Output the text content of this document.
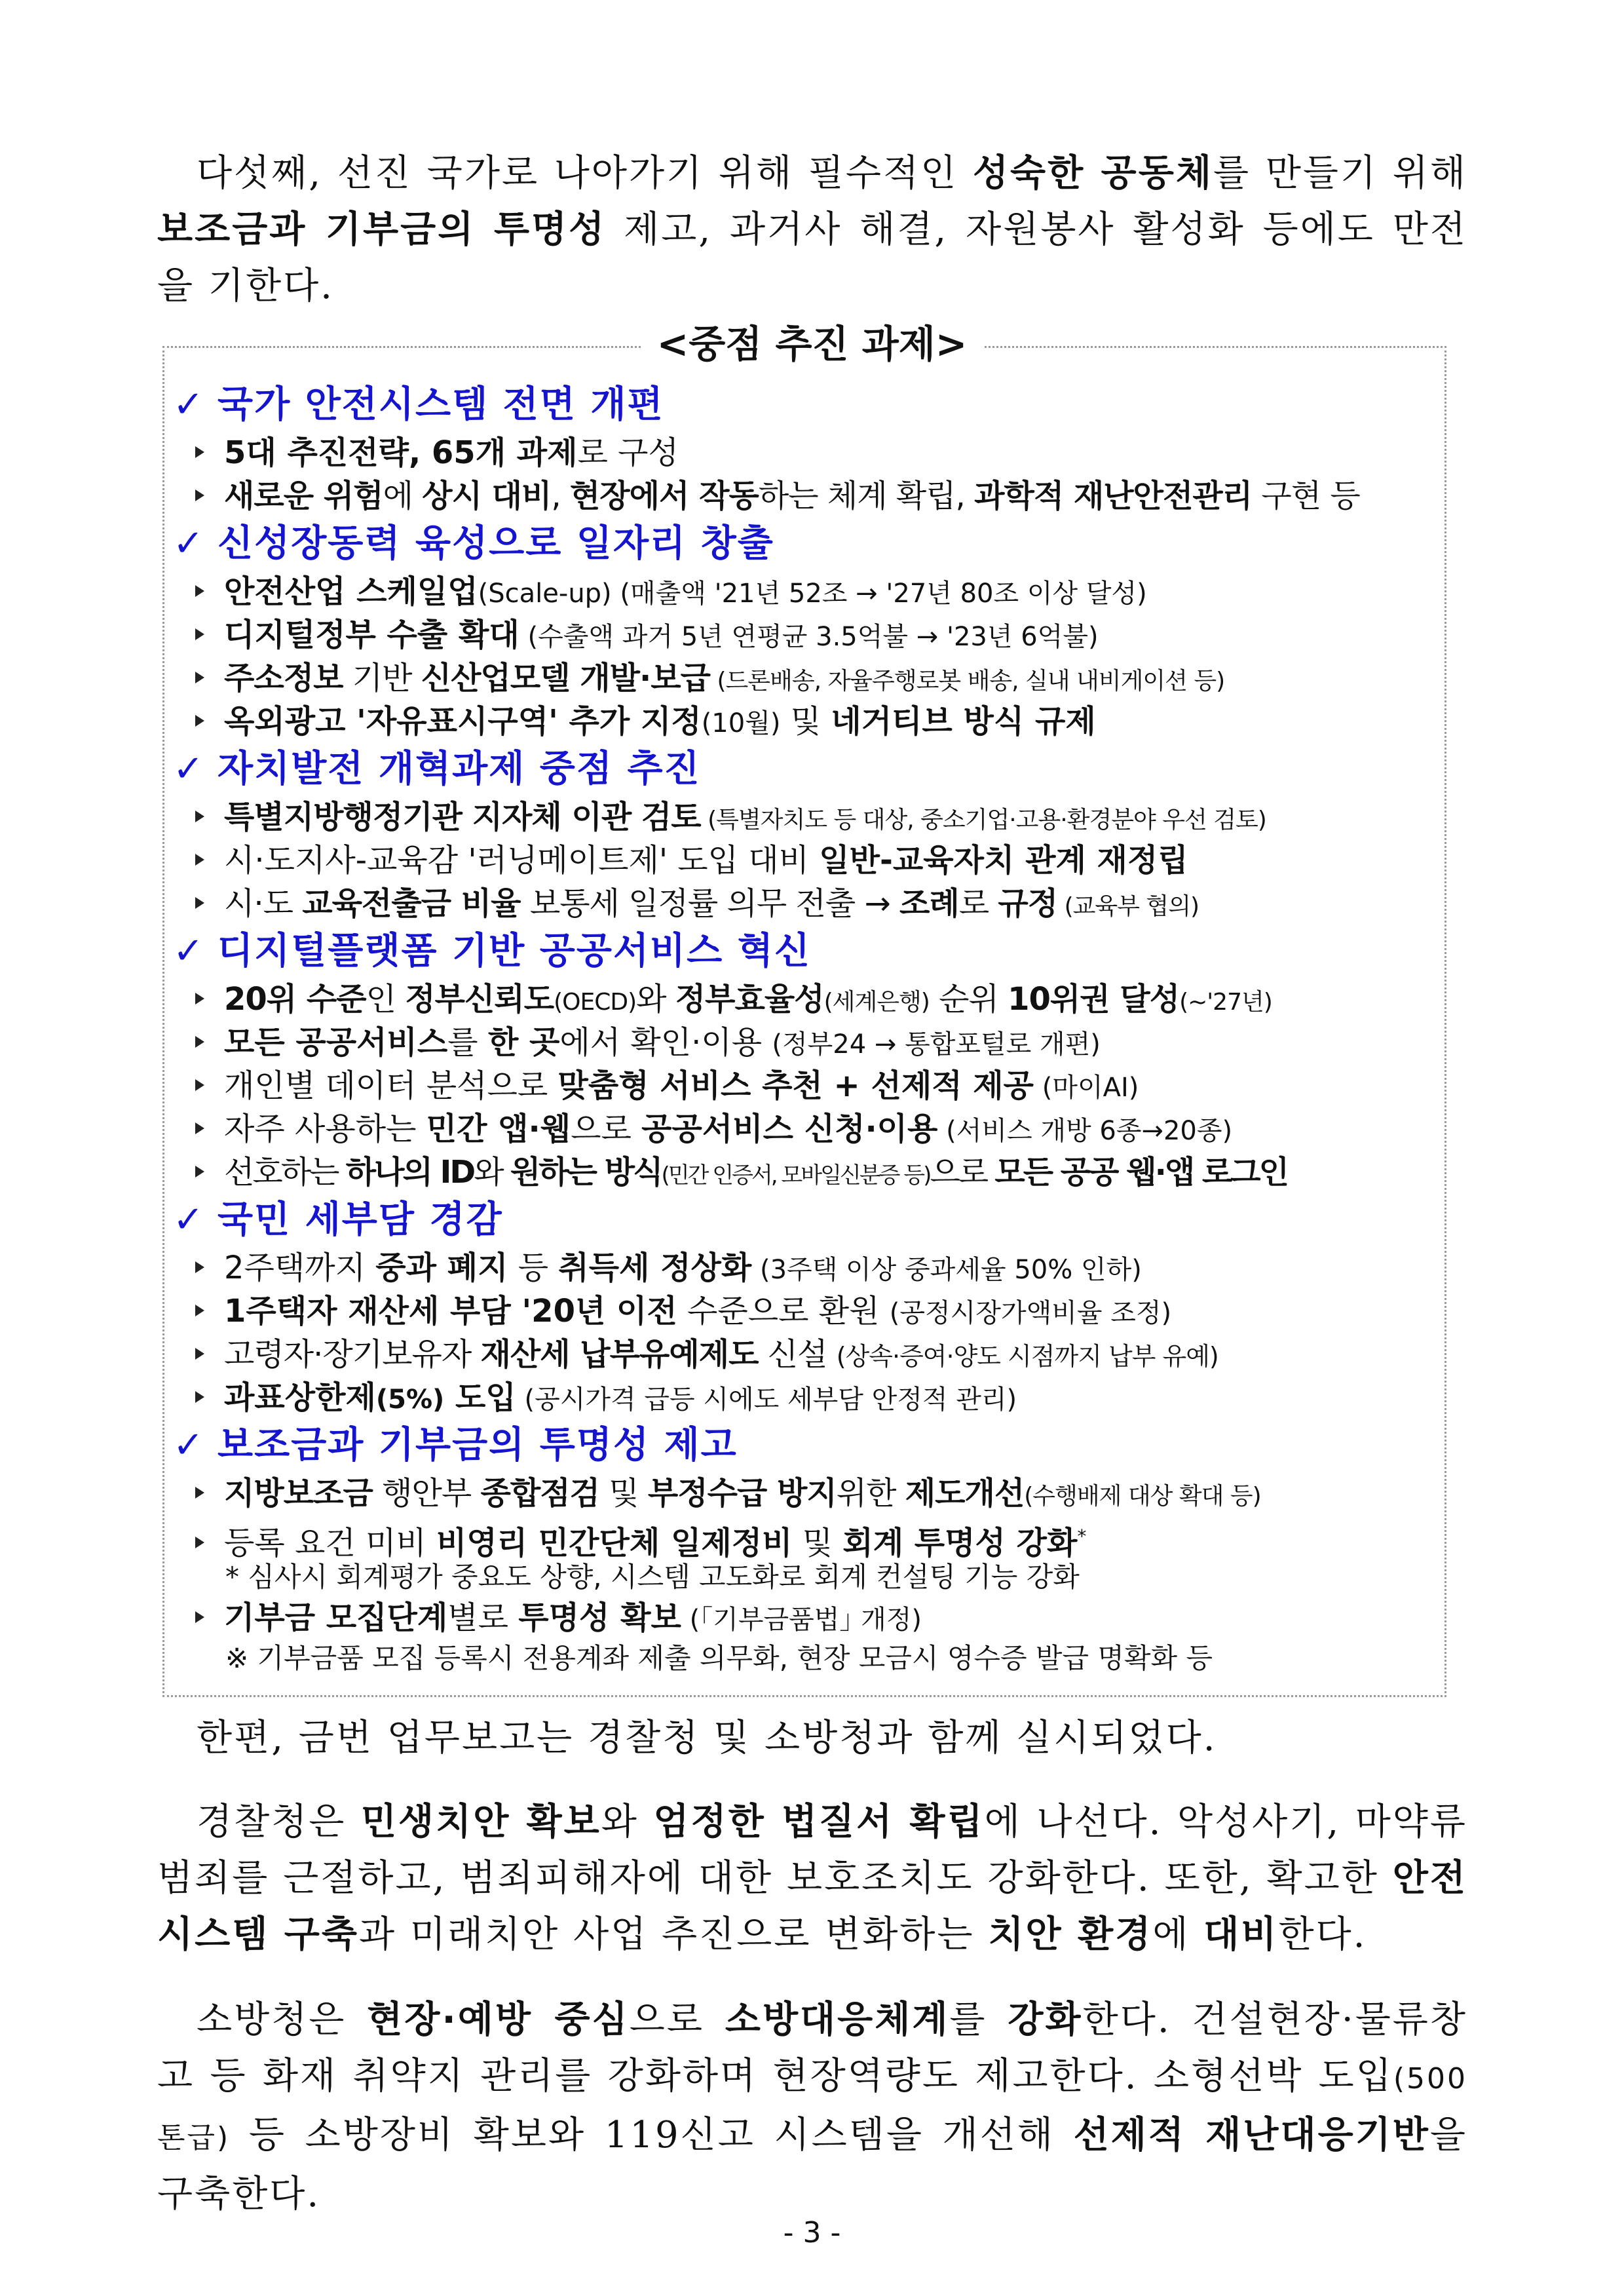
다섯째, 선진 국가로 나아가기 위해 필수적인 성숙한 공동체를 만들기 위해 보조금과 기부금의 투명성 제고, 과거사 해결, 자원봉사 활성화 등에도 만전을 기한다.

<중점 추진 과제>
✓ 국가 안전시스템 전면 개편
5대 추진전략, 65개 과제로 구성
새로운 위험에 상시 대비, 현장에서 작동하는 체계 확립, 과학적 재난안전관리 구현 등
✓ 신성장동력 육성으로 일자리 창출
안전산업 스케일업(Scale-up) (매출액 '21년 52조 → '27년 80조 이상 달성)
디지털정부 수출 확대 (수출액 과거 5년 연평균 3.5억불 → '23년 6억불)
주소정보 기반 신산업모델 개발·보급 (드론배송, 자율주행로봇 배송, 실내 내비게이션 등)
옥외광고 '자유표시구역' 추가 지정(10월) 및 네거티브 방식 규제
✓ 자치발전 개혁과제 중점 추진
특별지방행정기관 지자체 이관 검토 (특별자치도 등 대상, 중소기업·고용·환경분야 우선 검토)
시·도지사-교육감 '러닝메이트제' 도입 대비 일반-교육자치 관계 재정립
시·도 교육전출금 비율 보통세 일정률 의무 전출 → 조례로 규정 (교육부 협의)
✓ 디지털플랫폼 기반 공공서비스 혁신
20위 수준인 정부신뢰도(OECD)와 정부효율성(세계은행) 순위 10위권 달성(~'27년)
모든 공공서비스를 한 곳에서 확인·이용 (정부24 → 통합포털로 개편)
개인별 데이터 분석으로 맞춤형 서비스 추천 + 선제적 제공 (마이AI)
자주 사용하는 민간 앱·웹으로 공공서비스 신청·이용 (서비스 개방 6종→20종)
선호하는 하나의 ID와 원하는 방식(민간 인증서, 모바일신분증 등)으로 모든 공공 웹·앱 로그인
✓ 국민 세부담 경감
2주택까지 중과 폐지 등 취득세 정상화 (3주택 이상 중과세율 50% 인하)
1주택자 재산세 부담 '20년 이전 수준으로 환원 (공정시장가액비율 조정)
고령자·장기보유자 재산세 납부유예제도 신설 (상속·증여·양도 시점까지 납부 유예)
과표상한제(5%) 도입 (공시가격 급등 시에도 세부담 안정적 관리)
✓ 보조금과 기부금의 투명성 제고
지방보조금 행안부 종합점검 및 부정수급 방지위한 제도개선(수행배제 대상 확대 등)
등록 요건 미비 비영리 민간단체 일제정비 및 회계 투명성 강화*
* 심사시 회계평가 중요도 상향, 시스템 고도화로 회계 컨설팅 기능 강화
기부금 모집단계별로 투명성 확보 (｢기부금품법｣ 개정)
※ 기부금품 모집 등록시 전용계좌 제출 의무화, 현장 모금시 영수증 발급 명확화 등

한편, 금번 업무보고는 경찰청 및 소방청과 함께 실시되었다.

경찰청은 민생치안 확보와 엄정한 법질서 확립에 나선다. 악성사기, 마약류 범죄를 근절하고, 범죄피해자에 대한 보호조치도 강화한다. 또한, 확고한 안전시스템 구축과 미래치안 사업 추진으로 변화하는 치안 환경에 대비한다.

소방청은 현장·예방 중심으로 소방대응체계를 강화한다. 건설현장·물류창고 등 화재 취약지 관리를 강화하며 현장역량도 제고한다. 소형선박 도입(500톤급) 등 소방장비 확보와 119신고 시스템을 개선해 선제적 재난대응기반을 구축한다.

- 3 -
